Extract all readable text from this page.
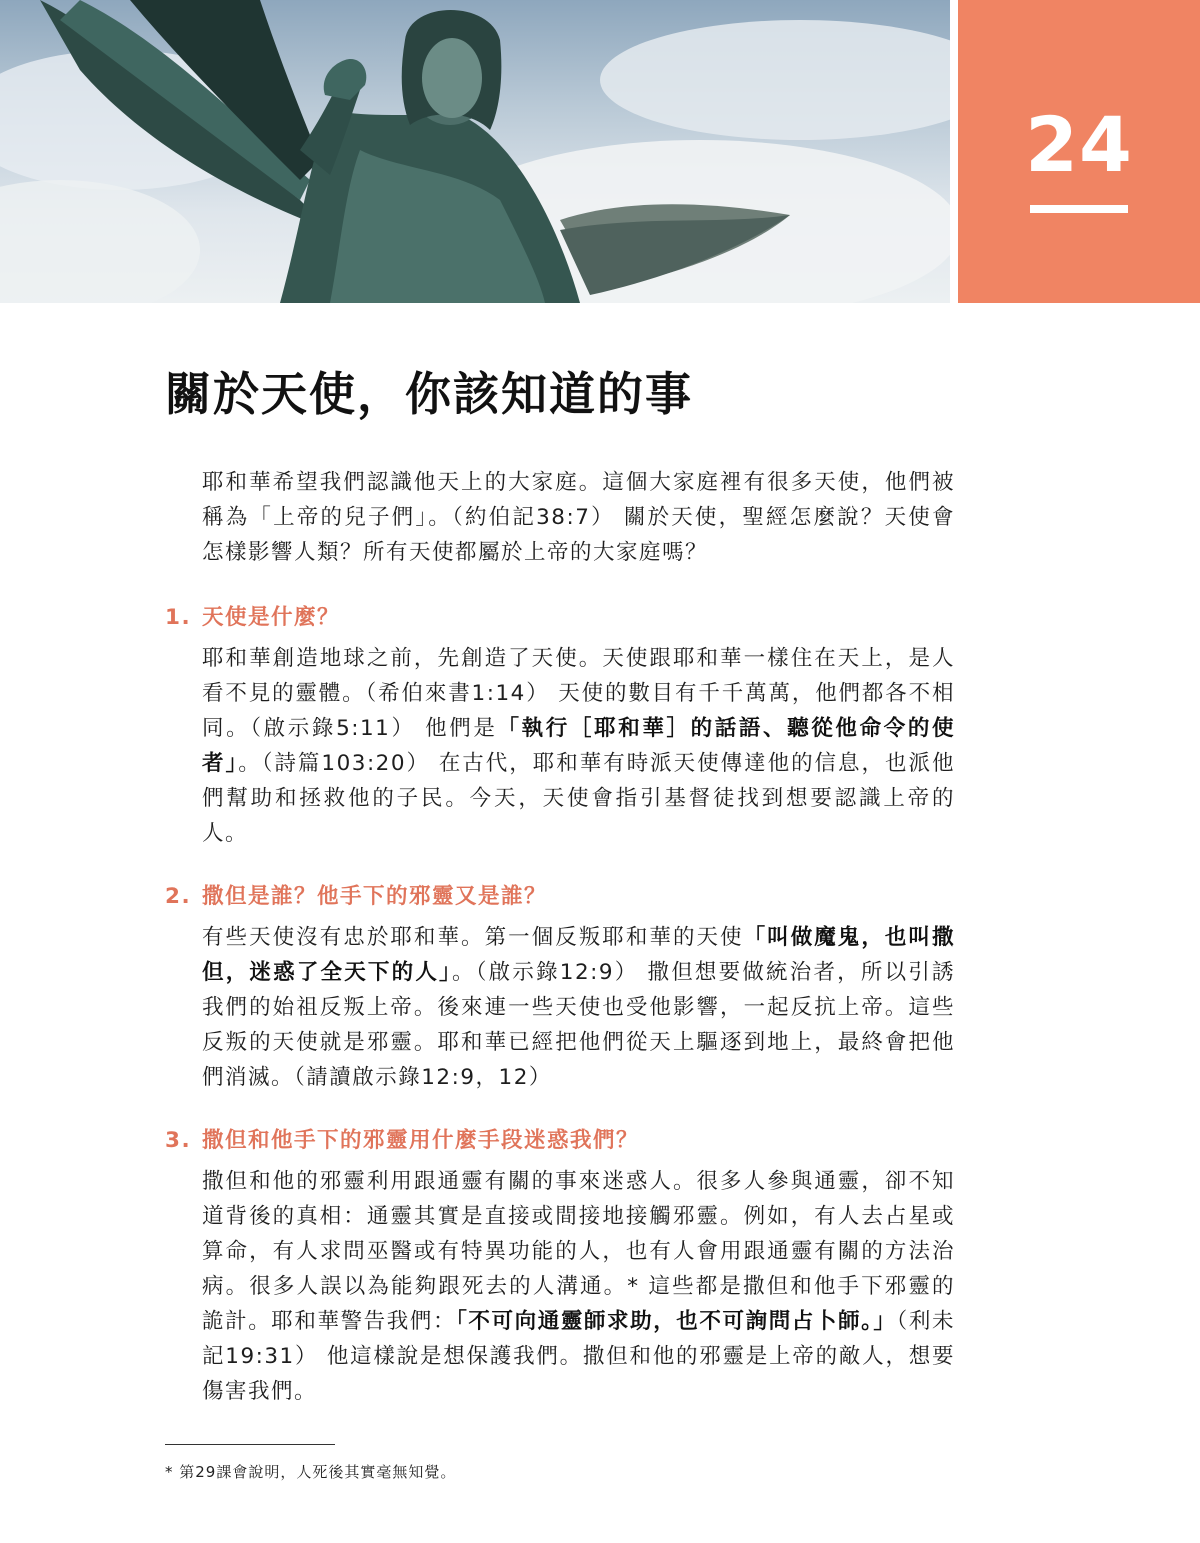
24
關於天使，你該知道的事

耶和華希望我們認識他天上的大家庭。這個大家庭裡有很多天使，他們被稱為「上帝的兒子們」。（約伯記38:7） 關於天使，聖經怎麼說？天使會怎樣影響人類？所有天使都屬於上帝的大家庭嗎？

1. 天使是什麼？

耶和華創造地球之前，先創造了天使。天使跟耶和華一樣住在天上，是人看不見的靈體。（希伯來書1:14） 天使的數目有千千萬萬，他們都各不相同。（啟示錄5:11） 他們是「執行［耶和華］的話語、聽從他命令的使者」。（詩篇103:20） 在古代，耶和華有時派天使傳達他的信息，也派他們幫助和拯救他的子民。今天，天使會指引基督徒找到想要認識上帝的人。

2. 撒但是誰？他手下的邪靈又是誰？

有些天使沒有忠於耶和華。第一個反叛耶和華的天使「叫做魔鬼，也叫撒但，迷惑了全天下的人」。（啟示錄12:9） 撒但想要做統治者，所以引誘我們的始祖反叛上帝。後來連一些天使也受他影響，一起反抗上帝。這些反叛的天使就是邪靈。耶和華已經把他們從天上驅逐到地上，最終會把他們消滅。（請讀啟示錄12:9，12）

3. 撒但和他手下的邪靈用什麼手段迷惑我們？

撒但和他的邪靈利用跟通靈有關的事來迷惑人。很多人參與通靈，卻不知道背後的真相：通靈其實是直接或間接地接觸邪靈。例如，有人去占星或算命，有人求問巫醫或有特異功能的人，也有人會用跟通靈有關的方法治病。很多人誤以為能夠跟死去的人溝通。* 這些都是撒但和他手下邪靈的詭計。耶和華警告我們：「不可向通靈師求助，也不可詢問占卜師。」（利未記19:31） 他這樣說是想保護我們。撒但和他的邪靈是上帝的敵人，想要傷害我們。

* 第29課會說明，人死後其實毫無知覺。
